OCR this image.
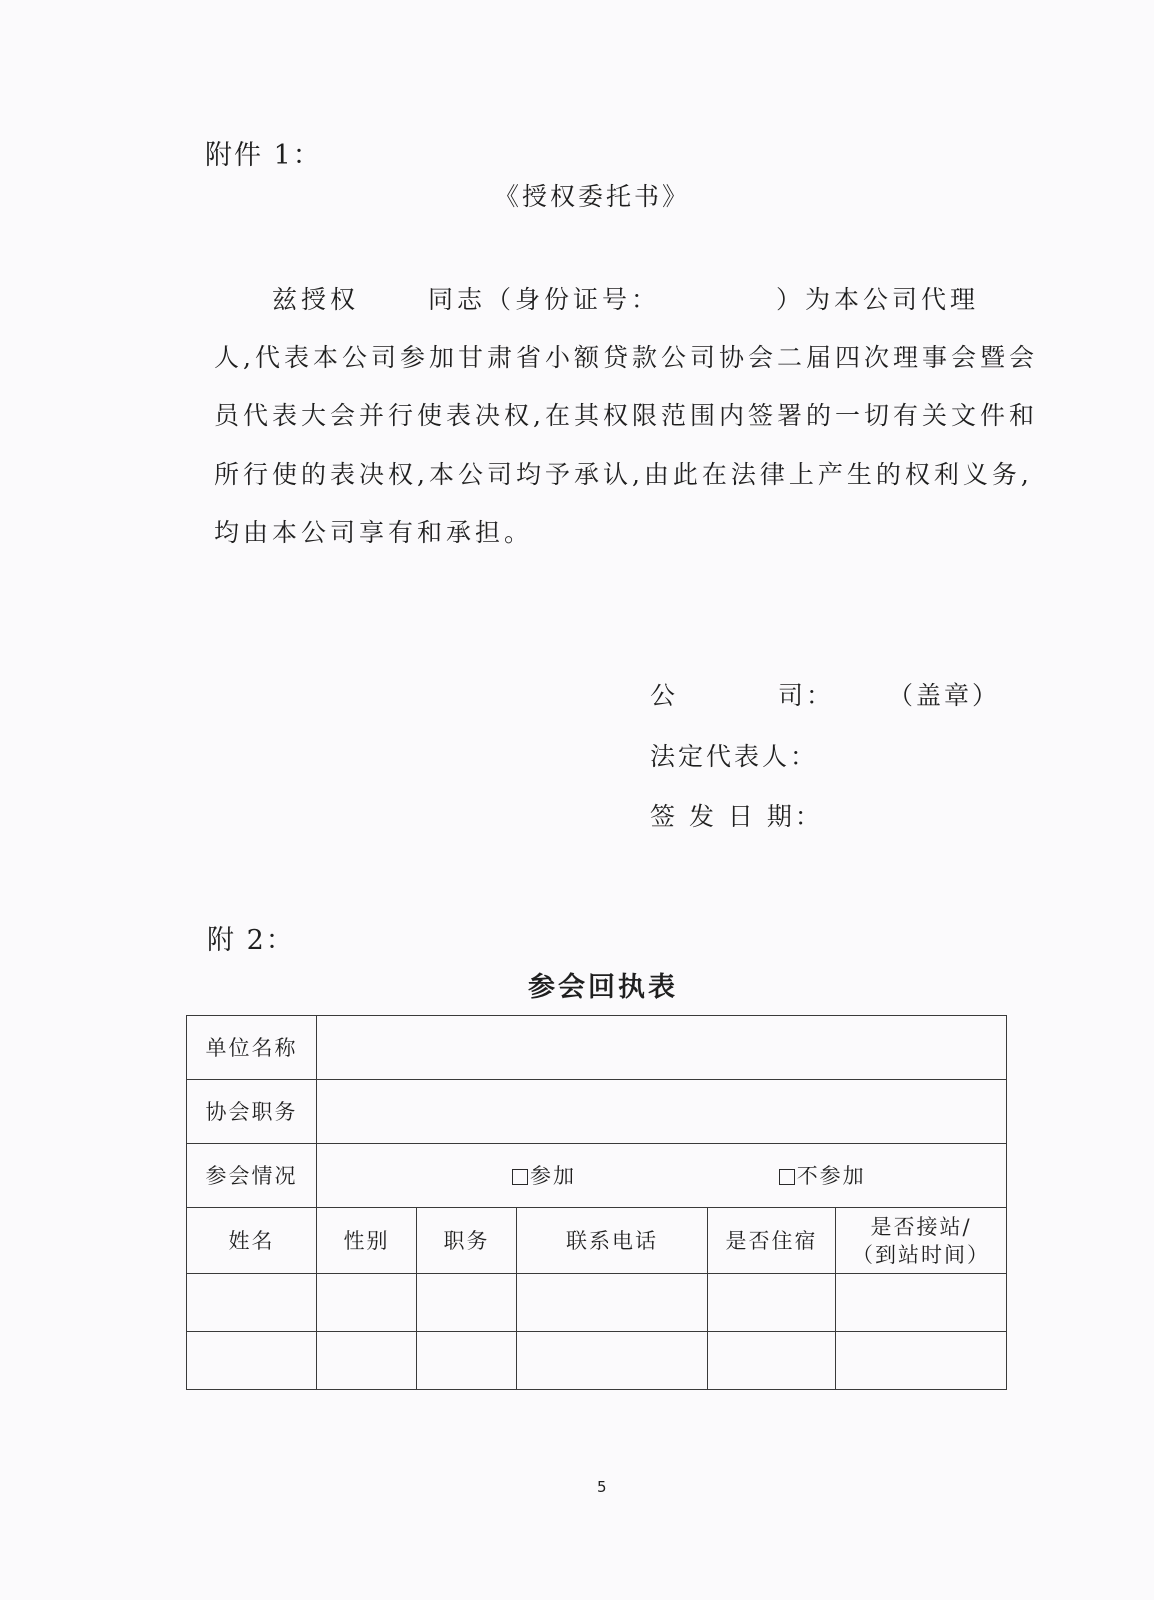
附件 1：
《授权委托书》
兹授权	同志（身份证号：	）为本公司代理
人,代表本公司参加甘肃省小额贷款公司协会二届四次理事会暨会
员代表大会并行使表决权,在其权限范围内签署的一切有关文件和
所行使的表决权,本公司均予承认,由此在法律上产生的权利义务,
均由本公司享有和承担。
公	司： （盖章）
法定代表人：
签 发 日 期：
附 2：
参会回执表
单位名称					
协会职务					
参会情况	参加 不参加				
姓名	性别	职务	联系电话	是否住宿	是否接站/
（到站时间）

5
